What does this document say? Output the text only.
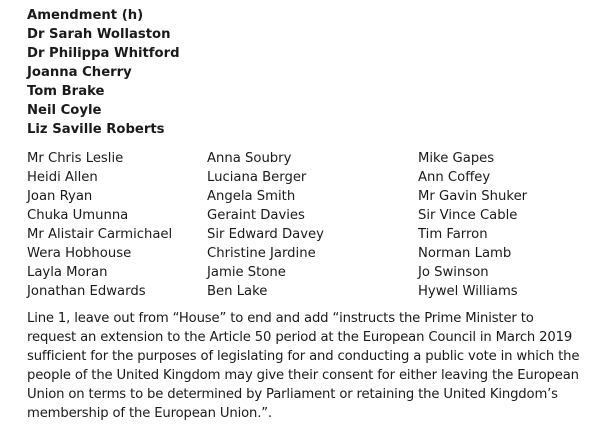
Amendment (h)
Dr Sarah Wollaston
Dr Philippa Whitford
Joanna Cherry
Tom Brake
Neil Coyle
Liz Saville Roberts
Mr Chris Leslie
Heidi Allen
Joan Ryan
Chuka Umunna
Mr Alistair Carmichael
Wera Hobhouse
Layla Moran
Jonathan Edwards
Anna Soubry
Luciana Berger
Angela Smith
Geraint Davies
Sir Edward Davey
Christine Jardine
Jamie Stone
Ben Lake
Mike Gapes
Ann Coffey
Mr Gavin Shuker
Sir Vince Cable
Tim Farron
Norman Lamb
Jo Swinson
Hywel Williams
Line 1, leave out from “House” to end and add “instructs the Prime Minister to
request an extension to the Article 50 period at the European Council in March 2019
sufficient for the purposes of legislating for and conducting a public vote in which the
people of the United Kingdom may give their consent for either leaving the European
Union on terms to be determined by Parliament or retaining the United Kingdom’s
membership of the European Union.”.
